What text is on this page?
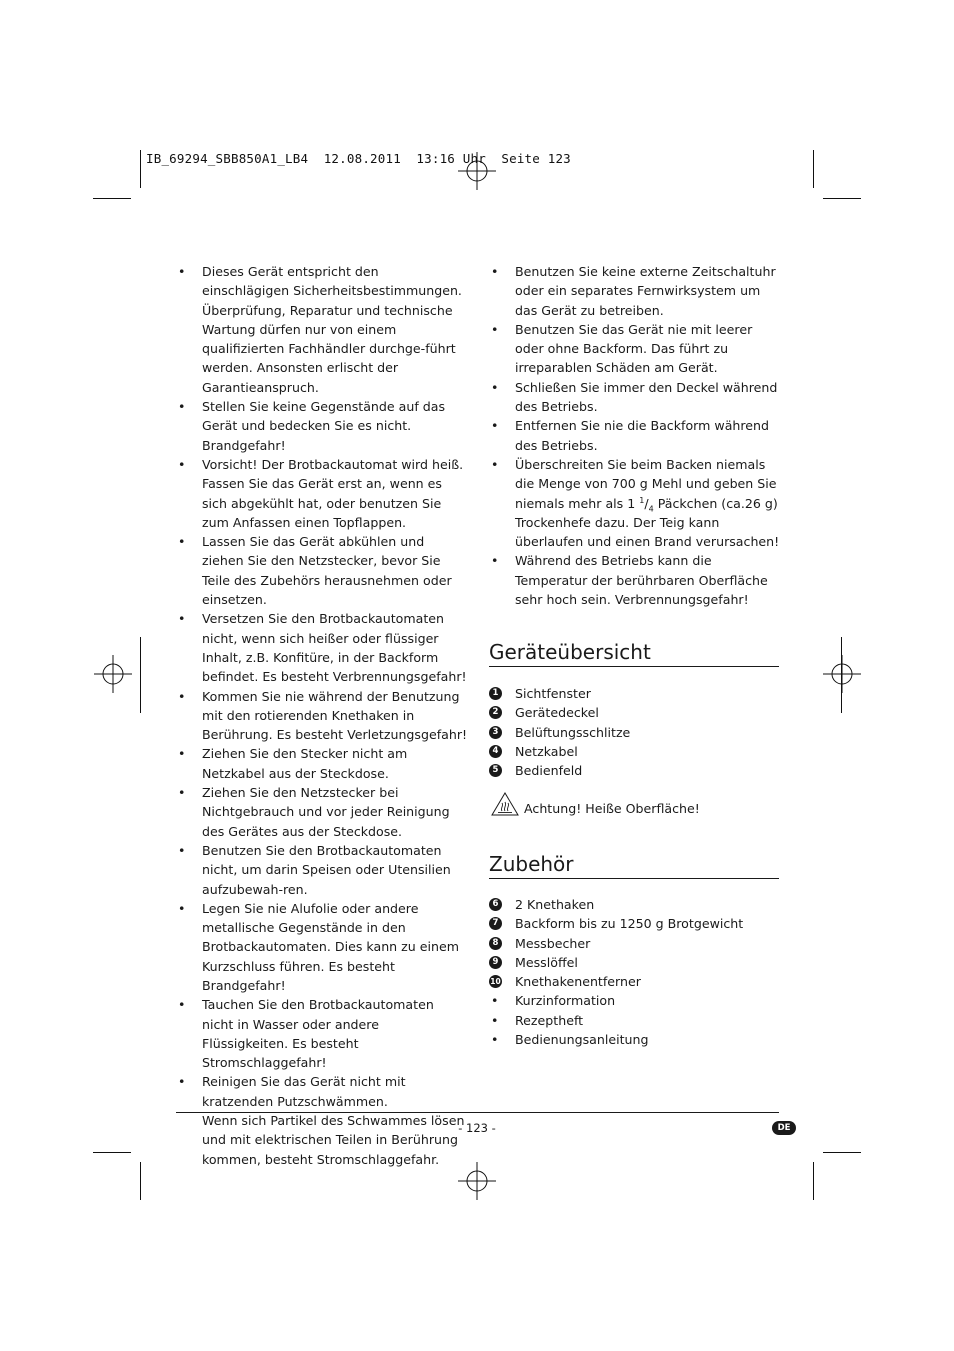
IB_69294_SBB850A1_LB4  12.08.2011  13:16 Uhr  Seite 123
• Dieses Gerät entspricht den einschlägigen Sicherheitsbestimmungen. Überprüfung, Reparatur und technische Wartung dürfen nur von einem qualifizierten Fachhändler durchge-führt werden. Ansonsten erlischt der Garantieanspruch.
• Stellen Sie keine Gegenstände auf das Gerät und bedecken Sie es nicht. Brandgefahr!
• Vorsicht! Der Brotbackautomat wird heiß. Fassen Sie das Gerät erst an, wenn es sich abgekühlt hat, oder benutzen Sie zum Anfassen einen Topflappen.
• Lassen Sie das Gerät abkühlen und ziehen Sie den Netzstecker, bevor Sie Teile des Zubehörs herausnehmen oder einsetzen.
• Versetzen Sie den Brotbackautomaten nicht, wenn sich heißer oder flüssiger Inhalt, z.B. Konfitüre, in der Backform befindet. Es besteht Verbrennungsgefahr!
• Kommen Sie nie während der Benutzung mit den rotierenden Knethaken in Berührung. Es besteht Verletzungsgefahr!
• Ziehen Sie den Stecker nicht am Netzkabel aus der Steckdose.
• Ziehen Sie den Netzstecker bei Nichtgebrauch und vor jeder Reinigung des Gerätes aus der Steckdose.
• Benutzen Sie den Brotbackautomaten nicht, um darin Speisen oder Utensilien aufzubewah-ren.
• Legen Sie nie Alufolie oder andere metallische Gegenstände in den Brotbackautomaten. Dies kann zu einem Kurzschluss führen. Es besteht Brandgefahr!
• Tauchen Sie den Brotbackautomaten nicht in Wasser oder andere Flüssigkeiten. Es besteht Stromschlaggefahr!

• Reinigen Sie das Gerät nicht mit kratzenden Putzschwämmen.

Wenn sich Partikel des Schwammes lösen und mit elektrischen Teilen in Berührung kommen, besteht Stromschlaggefahr.

• Benutzen Sie keine externe Zeitschaltuhr oder ein separates Fernwirksystem um das Gerät zu betreiben.
• Benutzen Sie das Gerät nie mit leerer oder ohne Backform. Das führt zu irreparablen Schäden am Gerät.
• Schließen Sie immer den Deckel während des Betriebs.
• Entfernen Sie nie die Backform während des Betriebs.
• Überschreiten Sie beim Backen niemals die Menge von 700 g Mehl und geben Sie niemals mehr als 1 $^1/_4$ Päckchen (ca.26 g) Trockenhefe dazu. Der Teig kann überlaufen und einen Brand verursachen!
• Während des Betriebs kann die Temperatur der berührbaren Oberfläche sehr hoch sein. Verbrennungsgefahr!
Geräteübersicht
1 Sichtfenster
2 Gerätedeckel
3 Belüftungsschlitze
4 Netzkabel
5 Bedienfeld
Achtung! Heiße Oberfläche!
Zubehör
6 2 Knethaken
7 Backform bis zu 1250 g Brotgewicht
8 Messbecher
9 Messlöffel
10 Knethakenentferner
• Kurzinformation
• Rezeptheft
• Bedienungsanleitung
- 123 -	DE
